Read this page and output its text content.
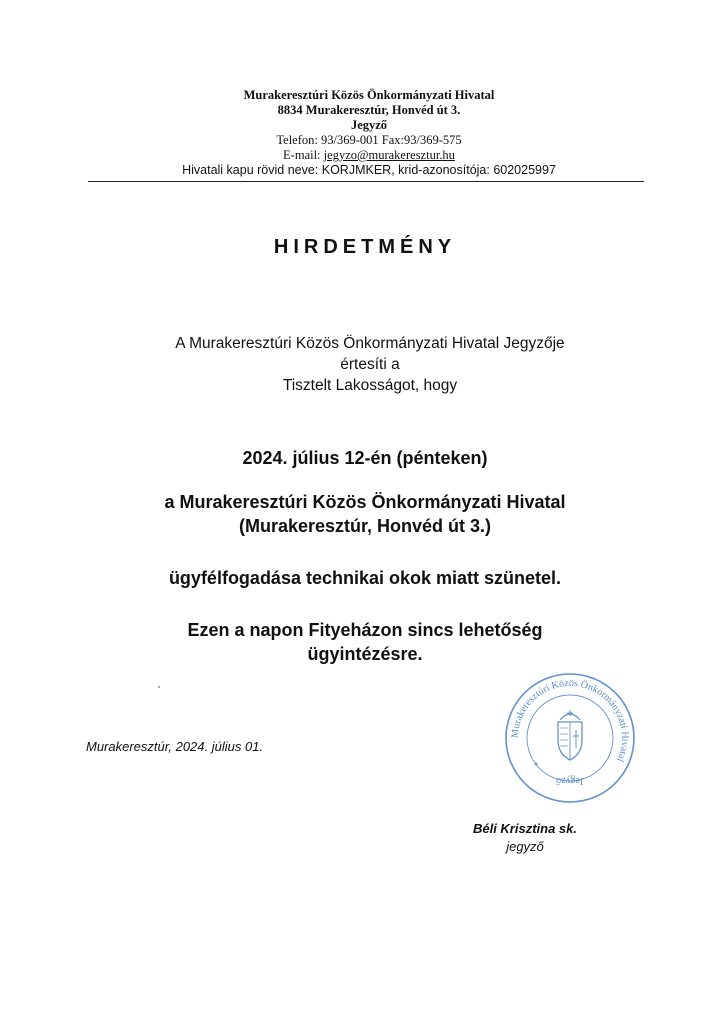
Murakeresztúri Közös Önkormányzati Hivatal
8834 Murakeresztúr, Honvéd út 3.
Jegyző
Telefon: 93/369-001 Fax:93/369-575
E-mail: jegyzo@murakeresztur.hu
Hivatali kapu rövid neve: KORJMKER, krid-azonosítója: 602025997
HIRDETMÉNY
A Murakeresztúri Közös Önkormányzati Hivatal Jegyzője
értesíti a
Tisztelt Lakosságot, hogy
2024. július 12-én (pénteken)
a Murakeresztúri Közös Önkormányzati Hivatal
(Murakeresztúr, Honvéd út 3.)
ügyfélfogadása technikai okok miatt szünetel.
Ezen a napon Fityeházon sincs lehetőség
ügyintézésre.
Murakeresztúri Közös Önkormányzati Hivatal
Jegyző
Murakeresztúr, 2024. július 01.
Béli Krisztina sk.
jegyző
